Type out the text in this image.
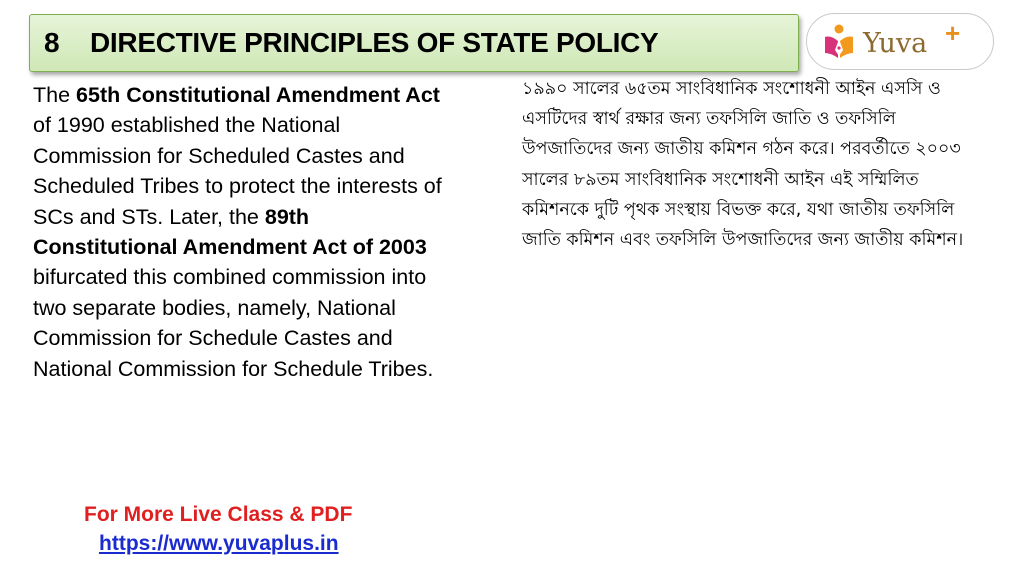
8	DIRECTIVE PRINCIPLES OF STATE POLICY	Yuva +
The 65th Constitutional Amendment Act
of 1990 established the National
Commission for Scheduled Castes and
Scheduled Tribes to protect the interests of
SCs and STs. Later, the 89th
Constitutional Amendment Act of 2003
bifurcated this combined commission into
two separate bodies, namely, National
Commission for Schedule Castes and
National Commission for Schedule Tribes.
১৯৯০ সালের ৬৫তম সাংবিধানিক সংশোধনী আইন এসসি ও
এসটিদের স্বার্থ রক্ষার জন্য তফসিলি জাতি ও তফসিলি
উপজাতিদের জন্য জাতীয় কমিশন গঠন করে। পরবর্তীতে ২০০৩
সালের ৮৯তম সাংবিধানিক সংশোধনী আইন এই সম্মিলিত
কমিশনকে দুটি পৃথক সংস্থায় বিভক্ত করে, যথা জাতীয় তফসিলি
জাতি কমিশন এবং তফসিলি উপজাতিদের জন্য জাতীয় কমিশন।
For More Live Class & PDF
https://www.yuvaplus.in
